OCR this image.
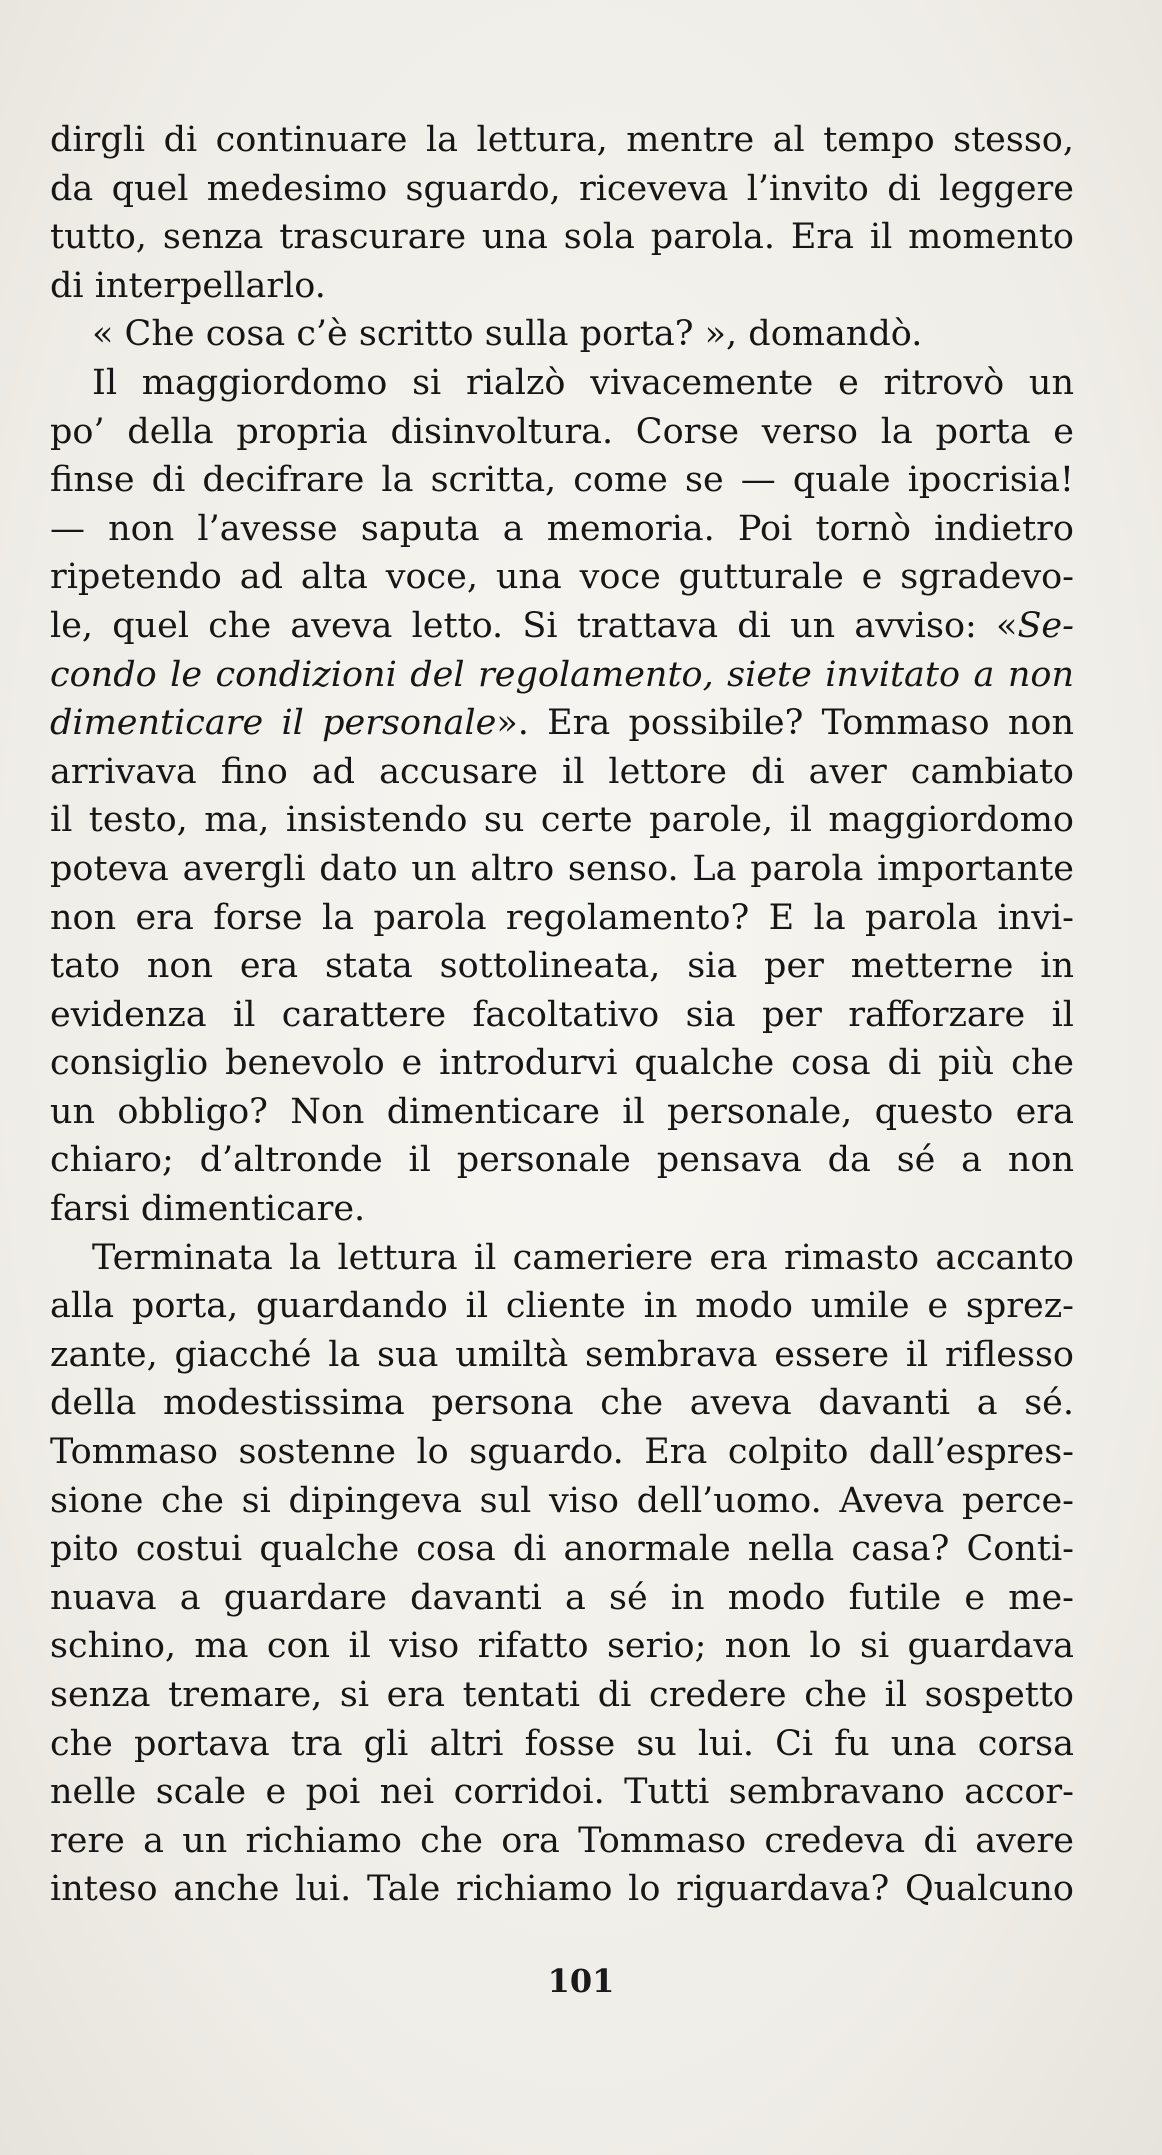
dirgli di continuare la lettura, mentre al tempo stesso,
da quel medesimo sguardo, riceveva l’invito di leggere
tutto, senza trascurare una sola parola. Era il momento
di interpellarlo.
« Che cosa c’è scritto sulla porta? », domandò.
Il maggiordomo si rialzò vivacemente e ritrovò un
po’ della propria disinvoltura. Corse verso la porta e
finse di decifrare la scritta, come se — quale ipocrisia!
— non l’avesse saputa a memoria. Poi tornò indietro
ripetendo ad alta voce, una voce gutturale e sgradevo-
le, quel che aveva letto. Si trattava di un avviso: «Se-
condo le condizioni del regolamento, siete invitato a non
dimenticare il personale». Era possibile? Tommaso non
arrivava fino ad accusare il lettore di aver cambiato
il testo, ma, insistendo su certe parole, il maggiordomo
poteva avergli dato un altro senso. La parola importante
non era forse la parola regolamento? E la parola invi-
tato non era stata sottolineata, sia per metterne in
evidenza il carattere facoltativo sia per rafforzare il
consiglio benevolo e introdurvi qualche cosa di più che
un obbligo? Non dimenticare il personale, questo era
chiaro; d’altronde il personale pensava da sé a non
farsi dimenticare.
Terminata la lettura il cameriere era rimasto accanto
alla porta, guardando il cliente in modo umile e sprez-
zante, giacché la sua umiltà sembrava essere il riflesso
della modestissima persona che aveva davanti a sé.
Tommaso sostenne lo sguardo. Era colpito dall’espres-
sione che si dipingeva sul viso dell’uomo. Aveva perce-
pito costui qualche cosa di anormale nella casa? Conti-
nuava a guardare davanti a sé in modo futile e me-
schino, ma con il viso rifatto serio; non lo si guardava
senza tremare, si era tentati di credere che il sospetto
che portava tra gli altri fosse su lui. Ci fu una corsa
nelle scale e poi nei corridoi. Tutti sembravano accor-
rere a un richiamo che ora Tommaso credeva di avere
inteso anche lui. Tale richiamo lo riguardava? Qualcuno
101
